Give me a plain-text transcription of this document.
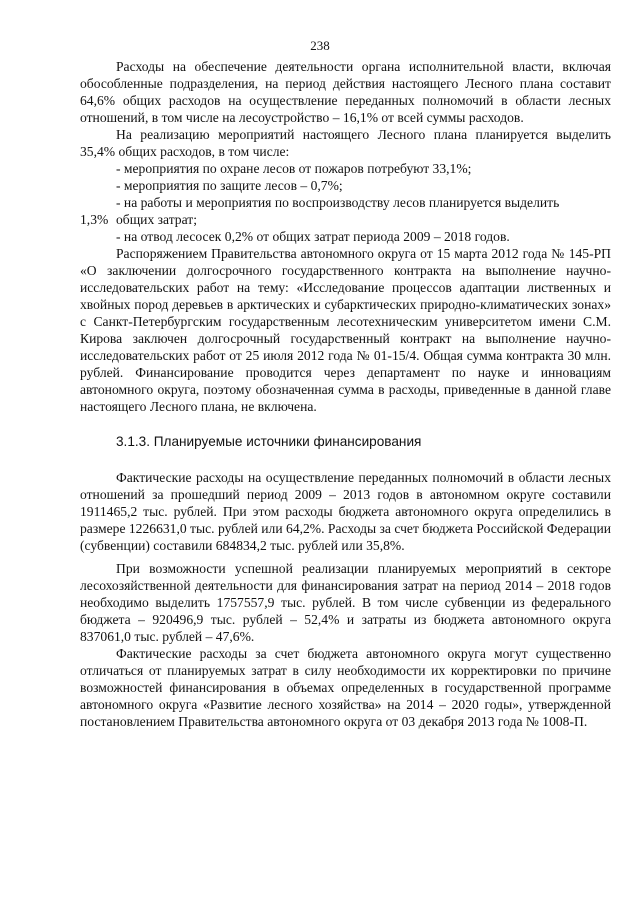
238

Расходы на обеспечение деятельности органа исполнительной власти, включая обособленные подразделения, на период действия настоящего Лесного плана составит 64,6% общих расходов на осуществление переданных полномочий в области лесных отношений, в том числе на лесоустройство – 16,1% от всей суммы расходов.

На реализацию мероприятий настоящего Лесного плана планируется выделить 35,4% общих расходов, в том числе:

- мероприятия по охране лесов от пожаров потребуют 33,1%;

- мероприятия по защите лесов – 0,7%;

- на работы и мероприятия по воспроизводству лесов планируется выделить

1,3% общих затрат;

- на отвод лесосек 0,2% от общих затрат периода 2009 – 2018 годов.

Распоряжением Правительства автономного округа от 15 марта 2012 года № 145-РП «О заключении долгосрочного государственного контракта на выполнение научно-исследовательских работ на тему: «Исследование процессов адаптации лиственных и хвойных пород деревьев в арктических и субарктических природно-климатических зонах» с Санкт-Петербургским государственным лесотехническим университетом имени С.М. Кирова заключен долгосрочный государственный контракт на выполнение научно-исследовательских работ от 25 июля 2012 года № 01-15/4. Общая сумма контракта 30 млн. рублей. Финансирование проводится через департамент по науке и инновациям автономного округа, поэтому обозначенная сумма в расходы, приведенные в данной главе настоящего Лесного плана, не включена.

3.1.3. Планируемые источники финансирования

Фактические расходы на осуществление переданных полномочий в области лесных отношений за прошедший период 2009 – 2013 годов в автономном округе составили 1911465,2 тыс. рублей. При этом расходы бюджета автономного округа определились в размере 1226631,0 тыс. рублей или 64,2%. Расходы за счет бюджета Российской Федерации (субвенции) составили 684834,2 тыс. рублей или 35,8%.

При возможности успешной реализации планируемых мероприятий в секторе лесохозяйственной деятельности для финансирования затрат на период 2014 – 2018 годов необходимо выделить 1757557,9 тыс. рублей. В том числе субвенции из федерального бюджета – 920496,9 тыс. рублей – 52,4% и затраты из бюджета автономного округа 837061,0 тыс. рублей – 47,6%.

Фактические расходы за счет бюджета автономного округа могут существенно отличаться от планируемых затрат в силу необходимости их корректировки по причине возможностей финансирования в объемах определенных в государственной программе автономного округа «Развитие лесного хозяйства» на 2014 – 2020 годы», утвержденной постановлением Правительства автономного округа от 03 декабря 2013 года № 1008-П.
